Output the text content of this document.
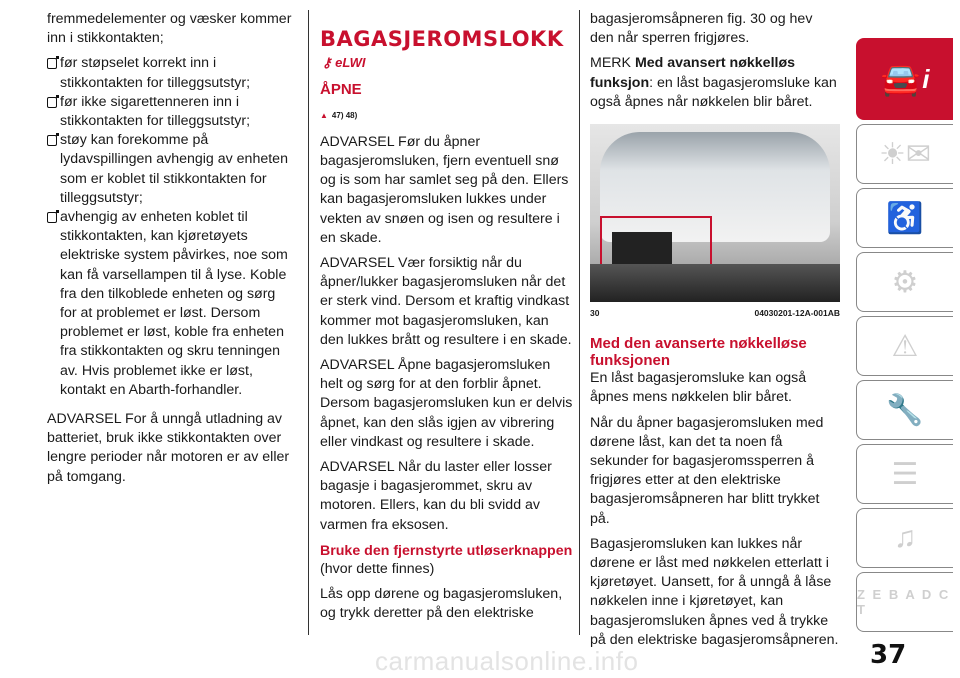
fremmedelementer og væsker kommer inn i stikkontakten;

før støpselet korrekt inn i stikkontakten for tilleggsutstyr;
før ikke sigarettenneren inn i stikkontakten for tilleggsutstyr;
støy kan forekomme på lydavspillingen avhengig av enheten som er koblet til stikkontakten for tilleggsutstyr;
avhengig av enheten koblet til stikkontakten, kan kjøretøyets elektriske system påvirkes, noe som kan få varsellampen til å lyse. Koble fra den tilkoblede enheten og sørg for at problemet er løst. Dersom problemet er løst, koble fra enheten fra stikkontakten og skru tenningen av. Hvis problemet ikke er løst, kontakt en Abarth-forhandler.

ADVARSEL For å unngå utladning av batteriet, bruk ikke stikkontakten over lengre perioder når motoren er av eller på tomgang.

BAGASJEROMSLOKK
⚷ eLWI
ÅPNE
▲ 47) 48)

ADVARSEL Før du åpner bagasjeromsluken, fjern eventuell snø og is som har samlet seg på den. Ellers kan bagasjeromsluken lukkes under vekten av snøen og isen og resultere i en skade.

ADVARSEL Vær forsiktig når du åpner/lukker bagasjeromsluken når det er sterk vind. Dersom et kraftig vindkast kommer mot bagasjeromsluken, kan den lukkes brått og resultere i en skade.

ADVARSEL Åpne bagasjeromsluken helt og sørg for at den forblir åpnet. Dersom bagasjeromsluken kun er delvis åpnet, kan den slås igjen av vibrering eller vindkast og resultere i skade.

ADVARSEL Når du laster eller losser bagasje i bagasjerommet, skru av motoren. Ellers, kan du bli svidd av varmen fra eksosen.

Bruke den fjernstyrte utløserknappen

(hvor dette finnes)

Lås opp dørene og bagasjeromsluken, og trykk deretter på den elektriske

bagasjeromsåpneren fig. 30 og hev den når sperren frigjøres.

MERK Med avansert nøkkelløs funksjon: en låst bagasjeromsluke kan også åpnes når nøkkelen blir båret.

30	04030201-12A-001AB
Med den avanserte nøkkelløse funksjonen

En låst bagasjeromsluke kan også åpnes mens nøkkelen blir båret.

Når du åpner bagasjeromsluken med dørene låst, kan det ta noen få sekunder for bagasjeromssperren å frigjøres etter at den elektriske bagasjeromsåpneren har blitt trykket på.

Bagasjeromsluken kan lukkes når dørene er låst med nøkkelen etterlatt i kjøretøyet. Uansett, for å unngå å låse nøkkelen inne i kjøretøyet, kan bagasjeromsluken åpnes ved å trykke på den elektriske bagasjeromsåpneren.

🚘 i
☀✉
♿
⚙
⚠
🔧
☰
♫
Z E B A D C T
carmanualsonline.info	37
